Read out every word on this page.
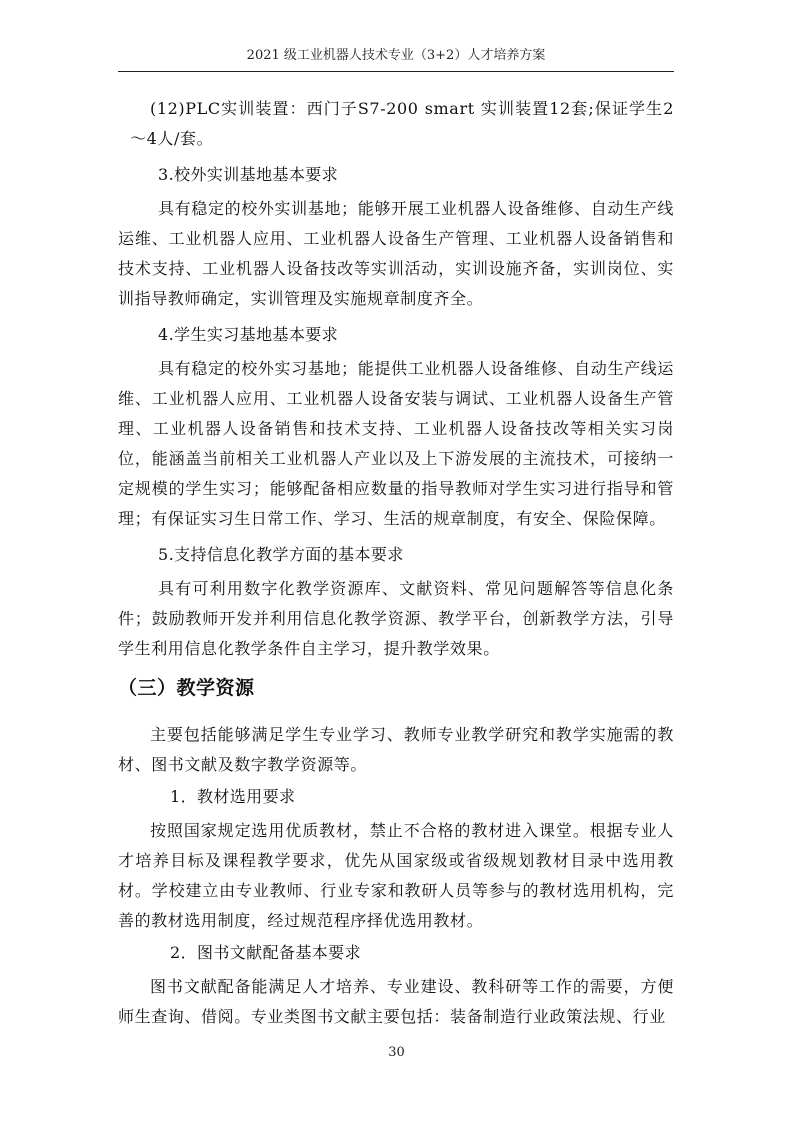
2021 级工业机器人技术专业（3+2）人才培养方案

(12)PLC实训装置：西门子S7-200 smart 实训装置12套;保证学生2～4人/套。

3.校外实训基地基本要求

具有稳定的校外实训基地；能够开展工业机器人设备维修、自动生产线运维、工业机器人应用、工业机器人设备生产管理、工业机器人设备销售和技术支持、工业机器人设备技改等实训活动，实训设施齐备，实训岗位、实训指导教师确定，实训管理及实施规章制度齐全。

4.学生实习基地基本要求

具有稳定的校外实习基地；能提供工业机器人设备维修、自动生产线运维、工业机器人应用、工业机器人设备安装与调试、工业机器人设备生产管理、工业机器人设备销售和技术支持、工业机器人设备技改等相关实习岗位，能涵盖当前相关工业机器人产业以及上下游发展的主流技术，可接纳一定规模的学生实习；能够配备相应数量的指导教师对学生实习进行指导和管理；有保证实习生日常工作、学习、生活的规章制度，有安全、保险保障。

5.支持信息化教学方面的基本要求

具有可利用数字化教学资源库、文献资料、常见问题解答等信息化条件；鼓励教师开发并利用信息化教学资源、教学平台，创新教学方法，引导学生利用信息化教学条件自主学习，提升教学效果。

（三）教学资源

主要包括能够满足学生专业学习、教师专业教学研究和教学实施需的教材、图书文献及数字教学资源等。

1．教材选用要求

按照国家规定选用优质教材，禁止不合格的教材进入课堂。根据专业人才培养目标及课程教学要求，优先从国家级或省级规划教材目录中选用教材。学校建立由专业教师、行业专家和教研人员等参与的教材选用机构，完善的教材选用制度，经过规范程序择优选用教材。

2．图书文献配备基本要求

图书文献配备能满足人才培养、专业建设、教科研等工作的需要，方便师生查询、借阅。专业类图书文献主要包括：装备制造行业政策法规、行业

30
